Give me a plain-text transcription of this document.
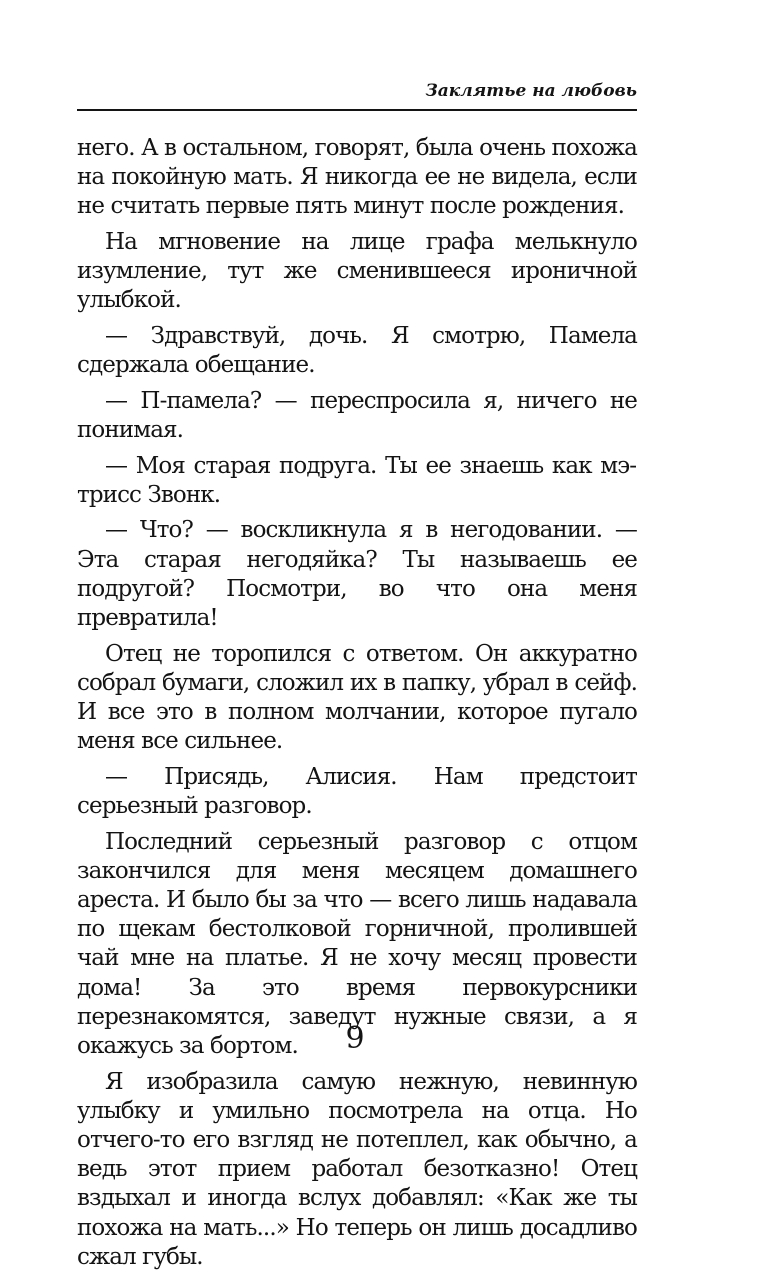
Заклятье на любовь

него. А в остальном, говорят, была очень похожа на покойную мать. Я никогда ее не видела, если не считать первые пять минут после рождения.

На мгновение на лице графа мелькнуло изумление, тут же сменившееся ироничной улыбкой.

— Здравствуй, дочь. Я смотрю, Памела сдержала обещание.

— П-памела? — переспросила я, ничего не понимая.

— Моя старая подруга. Ты ее знаешь как мэтрисс Звонк.

— Что? — воскликнула я в негодовании. — Эта старая негодяйка? Ты называешь ее подругой? Посмотри, во что она меня превратила!

Отец не торопился с ответом. Он аккуратно собрал бумаги, сложил их в папку, убрал в сейф. И все это в полном молчании, которое пугало меня все сильнее.

— Присядь, Алисия. Нам предстоит серьезный разговор.

Последний серьезный разговор с отцом закончился для меня месяцем домашнего ареста. И было бы за что — всего лишь надавала по щекам бестолковой горничной, пролившей чай мне на платье. Я не хочу месяц провести дома! За это время первокурсники перезнакомятся, заведут нужные связи, а я окажусь за бортом.

Я изобразила самую нежную, невинную улыбку и умильно посмотрела на отца. Но отчего-то его взгляд не потеплел, как обычно, а ведь этот прием работал безотказно! Отец вздыхал и иногда вслух добавлял: «Как же ты похожа на мать...» Но теперь он лишь досадливо сжал губы.

9
